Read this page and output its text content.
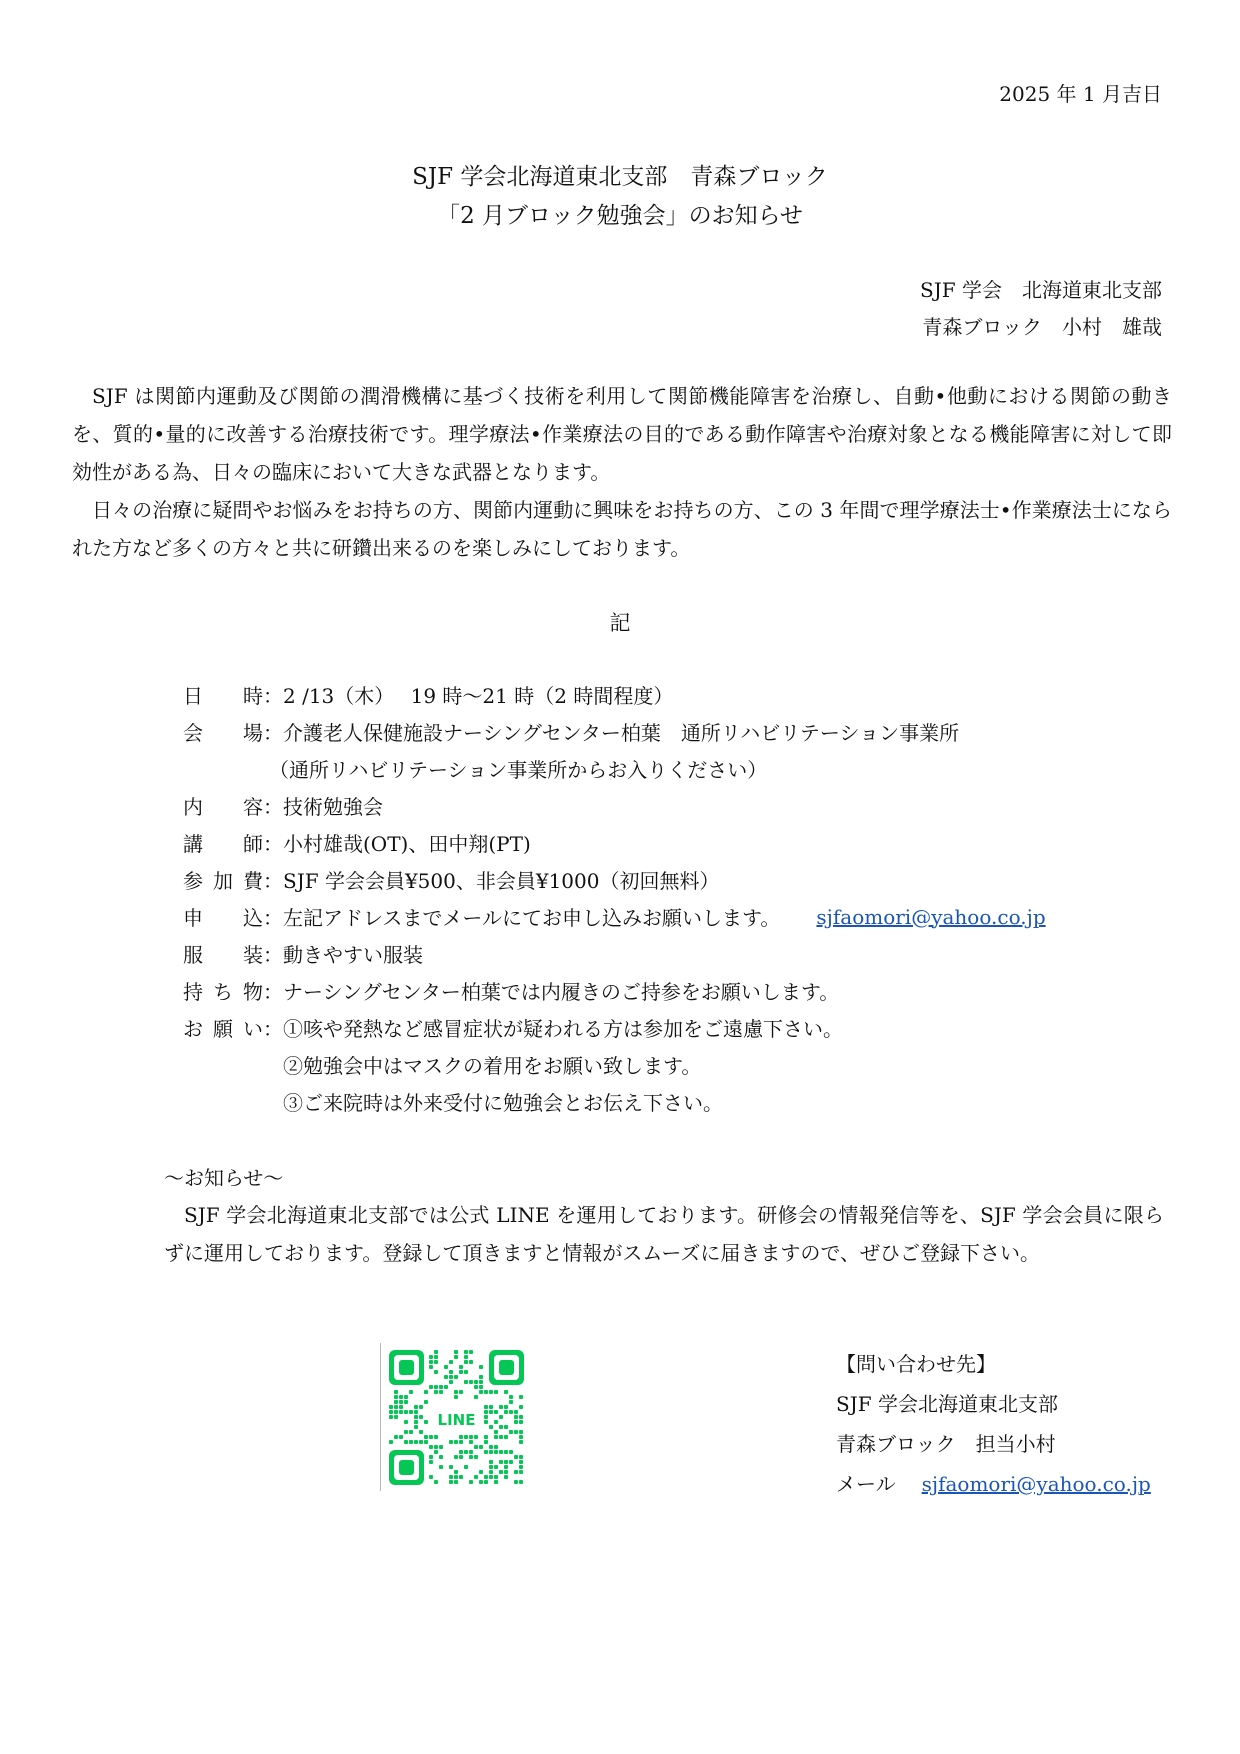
2025 年 1 月吉日
SJF 学会北海道東北支部　青森ブロック
「2 月ブロック勉強会」のお知らせ
SJF 学会　北海道東北支部
青森ブロック　小村　雄哉
SJF は関節内運動及び関節の潤滑機構に基づく技術を利用して関節機能障害を治療し、自動•他動における関節の動きを、質的•量的に改善する治療技術です。理学療法•作業療法の目的である動作障害や治療対象となる機能障害に対して即効性がある為、日々の臨床において大きな武器となります。
日々の治療に疑問やお悩みをお持ちの方、関節内運動に興味をお持ちの方、この 3 年間で理学療法士•作業療法士になられた方など多くの方々と共に研鑽出来るのを楽しみにしております。
記
日時 ： 2 /13（木）　 19 時〜21 時（2 時間程度）
会場 ： 介護老人保健施設ナーシングセンター柏葉　通所リハビリテーション事業所
（通所リハビリテーション事業所からお入りください）
内容 ： 技術勉強会
講師 ： 小村雄哉(OT)、田中翔(PT)
参加費 ： SJF 学会会員¥500、非会員¥1000（初回無料）
申込 ： 左記アドレスまでメールにてお申し込みお願いします。 sjfaomori@yahoo.co.jp
服装 ： 動きやすい服装
持ち物 ： ナーシングセンター柏葉では内履きのご持参をお願いします。
お願い ： ①咳や発熱など感冒症状が疑われる方は参加をご遠慮下さい。
②勉強会中はマスクの着用をお願い致します。
③ご来院時は外来受付に勉強会とお伝え下さい。
〜お知らせ〜
SJF 学会北海道東北支部では公式 LINE を運用しております。研修会の情報発信等を、SJF 学会会員に限らずに運用しております。登録して頂きますと情報がスムーズに届きますので、ぜひご登録下さい。
LINE
【問い合わせ先】
SJF 学会北海道東北支部
青森ブロック　担当小村
メール sjfaomori@yahoo.co.jp
